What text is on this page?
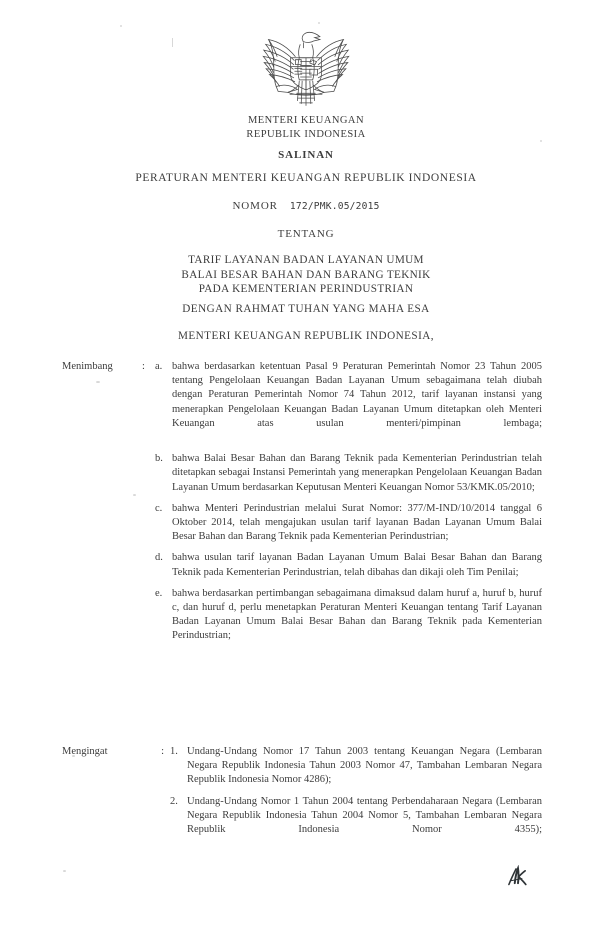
MENTERI KEUANGAN
REPUBLIK INDONESIA
SALINAN
PERATURAN MENTERI KEUANGAN REPUBLIK INDONESIA
NOMOR 172/PMK.05/2015
TENTANG
TARIF LAYANAN BADAN LAYANAN UMUM
BALAI BESAR BAHAN DAN BARANG TEKNIK
PADA KEMENTERIAN PERINDUSTRIAN
DENGAN RAHMAT TUHAN YANG MAHA ESA
MENTERI KEUANGAN REPUBLIK INDONESIA,
Menimbang	: a. bahwa berdasarkan ketentuan Pasal 9 Peraturan Pemerintah Nomor 23 Tahun 2005 tentang Pengelolaan Keuangan Badan Layanan Umum sebagaimana telah diubah dengan Peraturan Pemerintah Nomor 74 Tahun 2012, tarif layanan instansi yang menerapkan Pengelolaan Keuangan Badan Layanan Umum ditetapkan oleh Menteri Keuangan atas usulan menteri/pimpinan lembaga;
b. bahwa Balai Besar Bahan dan Barang Teknik pada Kementerian Perindustrian telah ditetapkan sebagai Instansi Pemerintah yang menerapkan Pengelolaan Keuangan Badan Layanan Umum berdasarkan Keputusan Menteri Keuangan Nomor 53/KMK.05/2010;
c. bahwa Menteri Perindustrian melalui Surat Nomor: 377/M-IND/10/2014 tanggal 6 Oktober 2014, telah mengajukan usulan tarif layanan Badan Layanan Umum Balai Besar Bahan dan Barang Teknik pada Kementerian Perindustrian;
d. bahwa usulan tarif layanan Badan Layanan Umum Balai Besar Bahan dan Barang Teknik pada Kementerian Perindustrian, telah dibahas dan dikaji oleh Tim Penilai;
e. bahwa berdasarkan pertimbangan sebagaimana dimaksud dalam huruf a, huruf b, huruf c, dan huruf d, perlu menetapkan Peraturan Menteri Keuangan tentang Tarif Layanan Badan Layanan Umum Balai Besar Bahan dan Barang Teknik pada Kementerian Perindustrian;
Mengingat	: 1. Undang-Undang Nomor 17 Tahun 2003 tentang Keuangan Negara (Lembaran Negara Republik Indonesia Tahun 2003 Nomor 47, Tambahan Lembaran Negara Republik Indonesia Nomor 4286);
2. Undang-Undang Nomor 1 Tahun 2004 tentang Perbendaharaan Negara (Lembaran Negara Republik Indonesia Tahun 2004 Nomor 5, Tambahan Lembaran Negara Republik Indonesia Nomor 4355);
